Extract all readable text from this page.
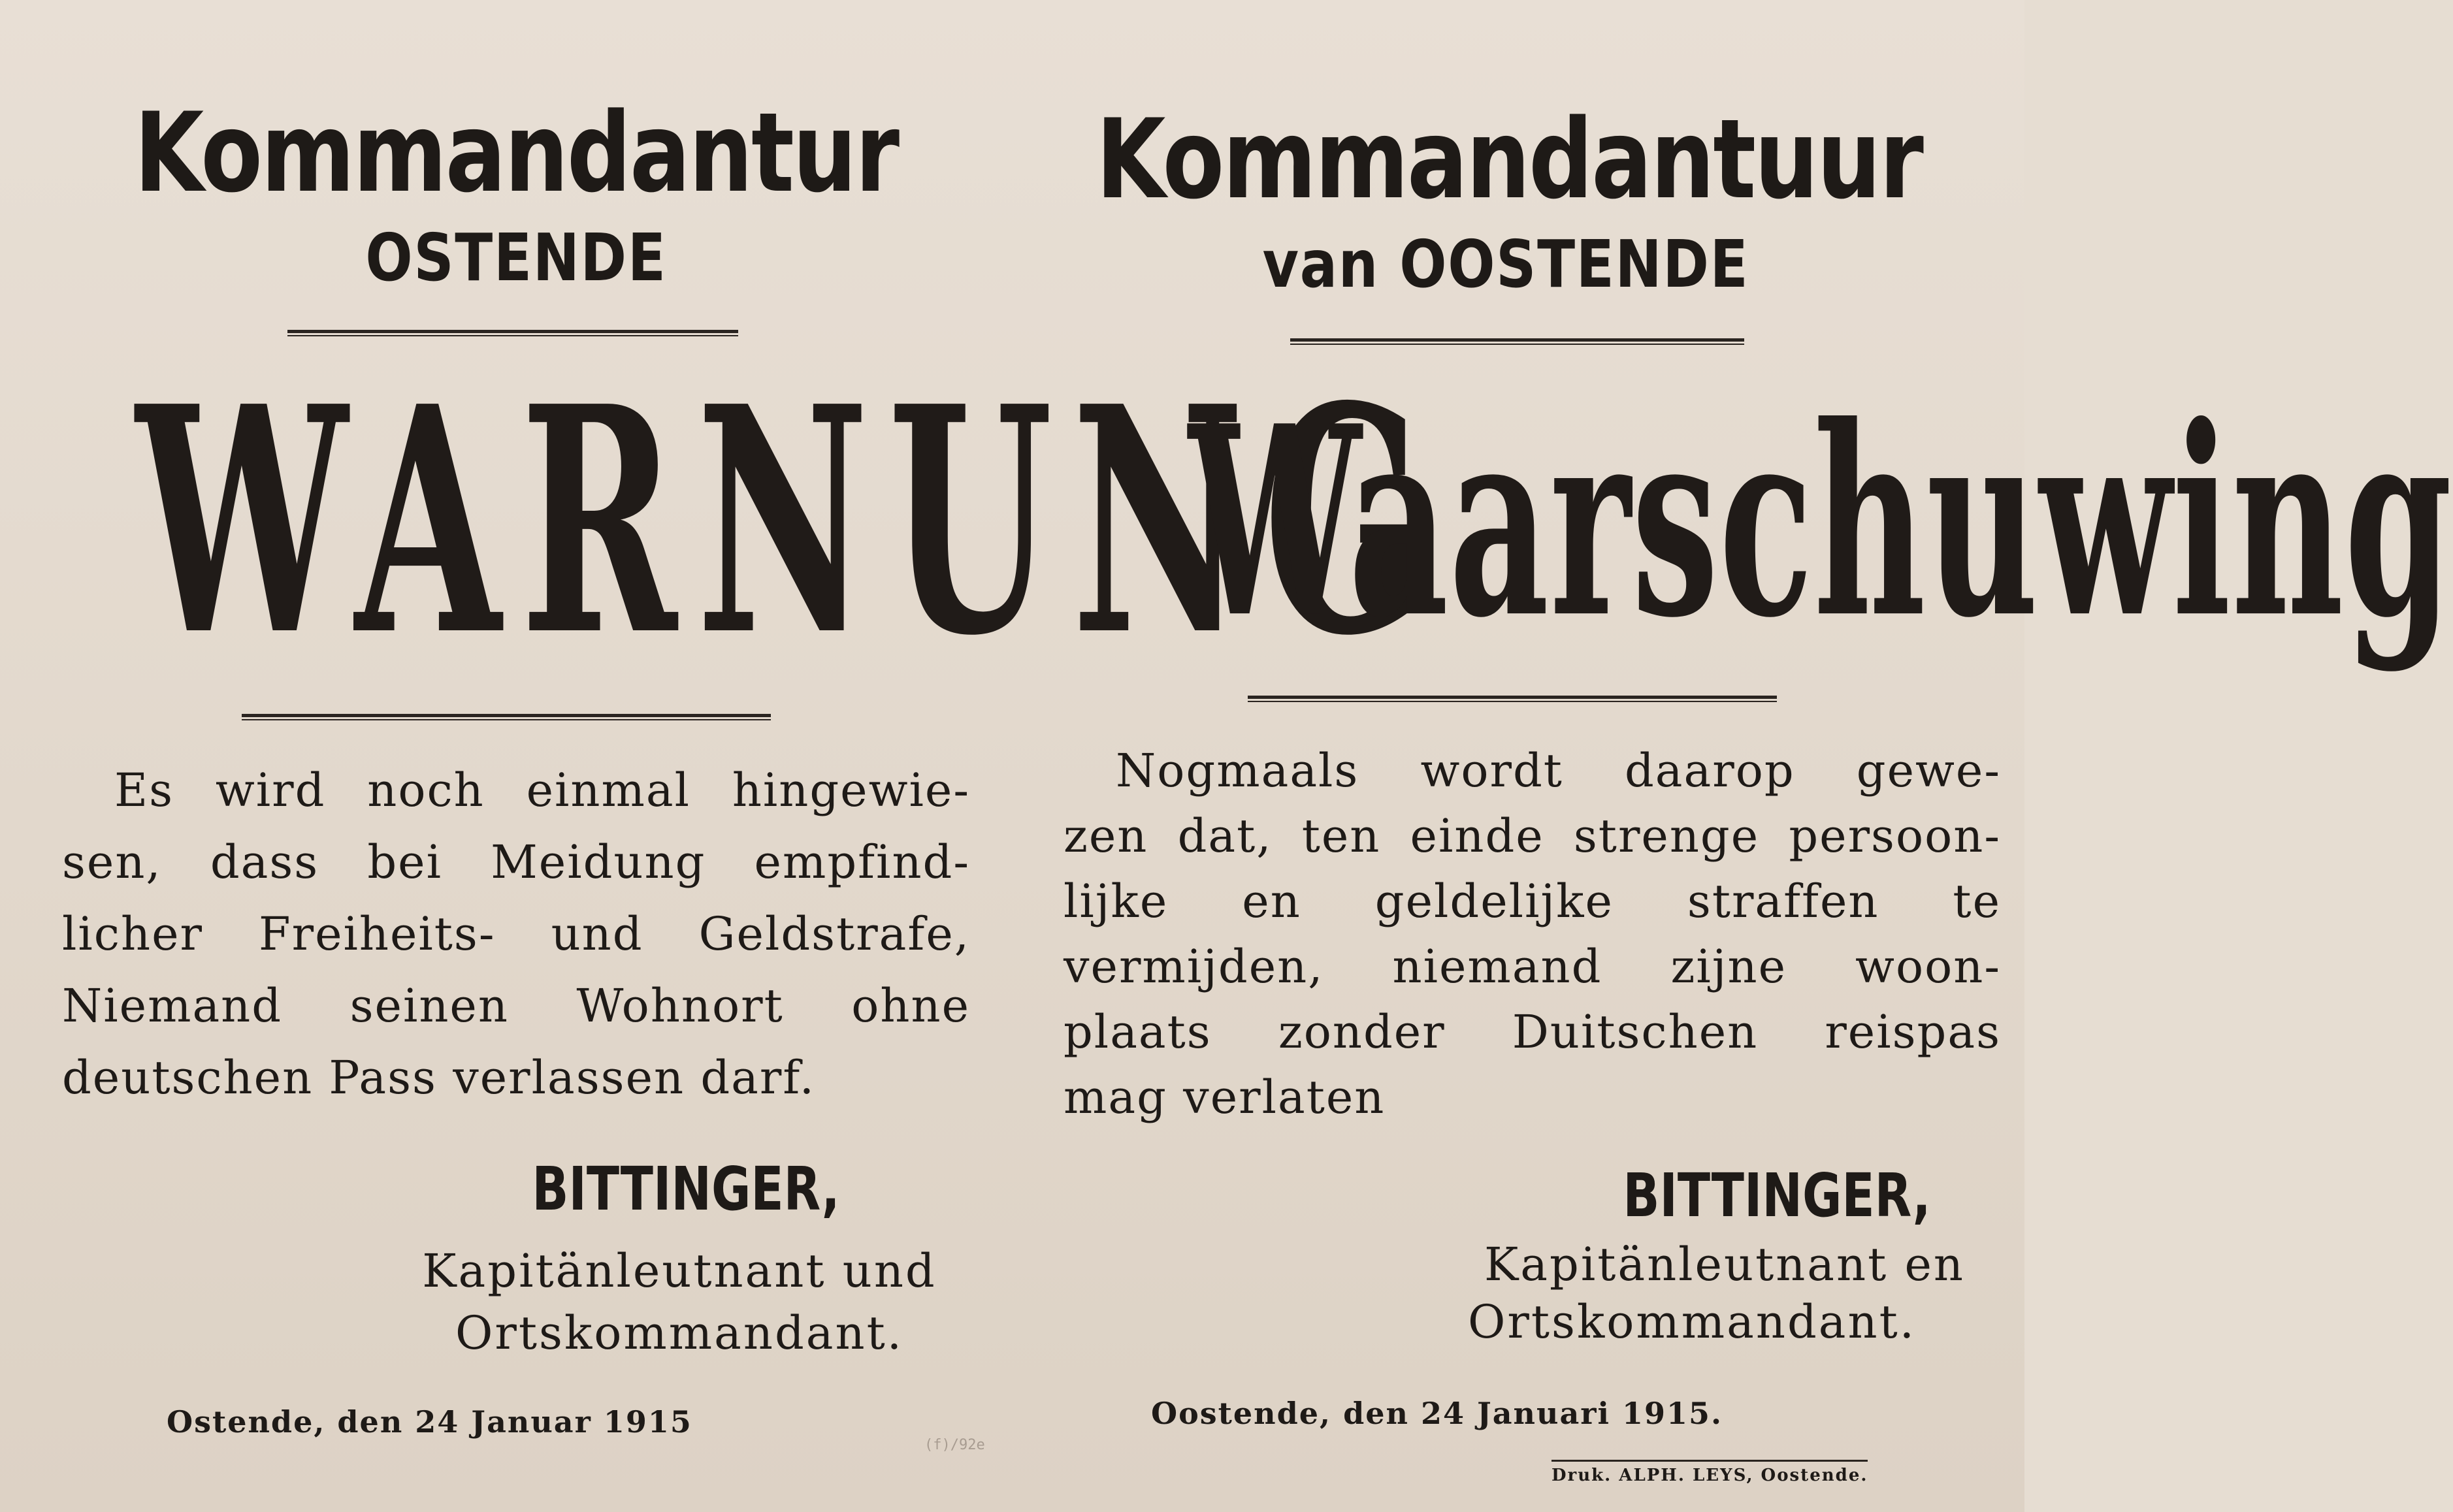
Kommandantur
OSTENDE
WARNUNG
Es wird noch einmal hingewie-
sen, dass bei Meidung empfind-
licher Freiheits- und Geldstrafe,
Niemand seinen Wohnort ohne
deutschen Pass verlassen darf.
BITTINGER,
Kapitänleutnant und
Ortskommandant.
Ostende, den 24 Januar 1915
(f)/92e
Kommandantuur
van OOSTENDE
Waarschuwing
Nogmaals wordt daarop gewe-
zen dat, ten einde strenge persoon-
lijke en geldelijke straffen te
vermijden, niemand zijne woon-
plaats zonder Duitschen reispas
mag verlaten
BITTINGER,
Kapitänleutnant en
Ortskommandant.
Oostende, den 24 Januari 1915.
Druk. ALPH. LEYS, Oostende.
